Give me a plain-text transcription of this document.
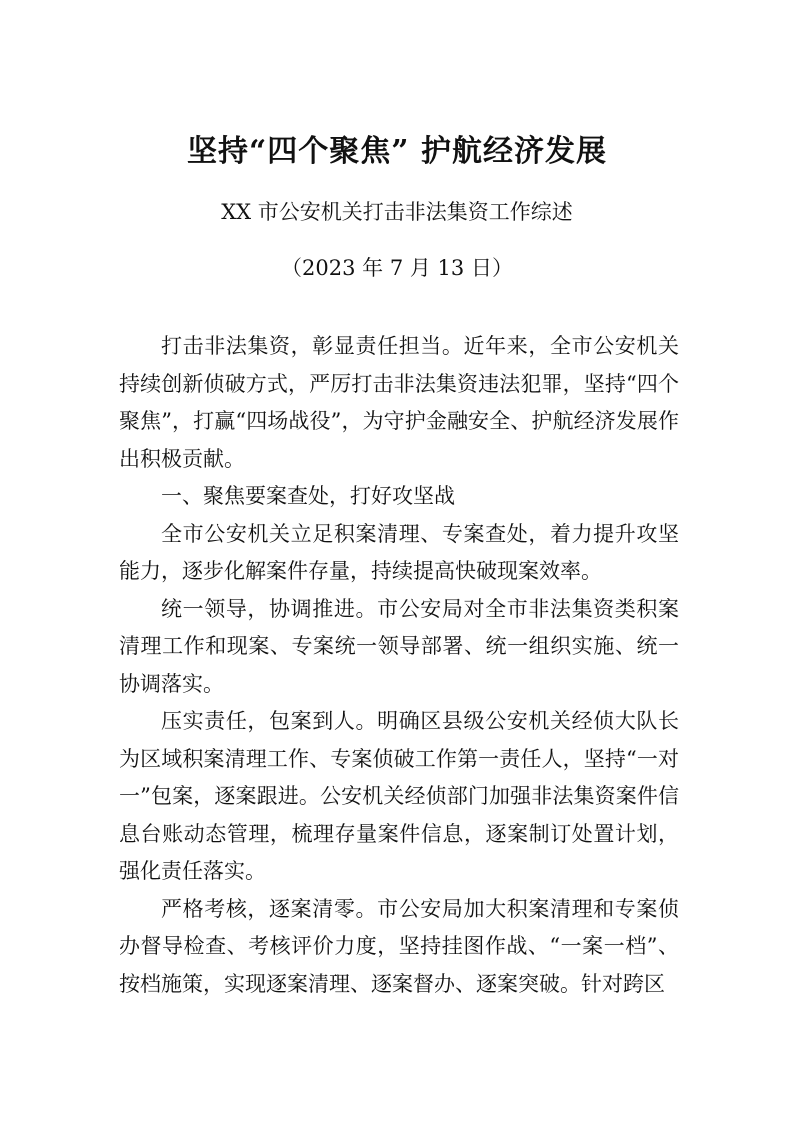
坚持“四个聚焦” 护航经济发展
XX 市公安机关打击非法集资工作综述
（2023 年 7 月 13 日）

打击非法集资，彰显责任担当。近年来，全市公安机关持续创新侦破方式，严厉打击非法集资违法犯罪，坚持“四个聚焦”，打赢“四场战役”，为守护金融安全、护航经济发展作出积极贡献。

一、聚焦要案查处，打好攻坚战

全市公安机关立足积案清理、专案查处，着力提升攻坚能力，逐步化解案件存量，持续提高快破现案效率。

统一领导，协调推进。市公安局对全市非法集资类积案清理工作和现案、专案统一领导部署、统一组织实施、统一协调落实。

压实责任，包案到人。明确区县级公安机关经侦大队长为区域积案清理工作、专案侦破工作第一责任人，坚持“一对一”包案，逐案跟进。公安机关经侦部门加强非法集资案件信息台账动态管理，梳理存量案件信息，逐案制订处置计划，强化责任落实。

严格考核，逐案清零。市公安局加大积案清理和专案侦办督导检查、考核评价力度，坚持挂图作战、“一案一档”、 按档施策，实现逐案清理、逐案督办、逐案突破。针对跨区
